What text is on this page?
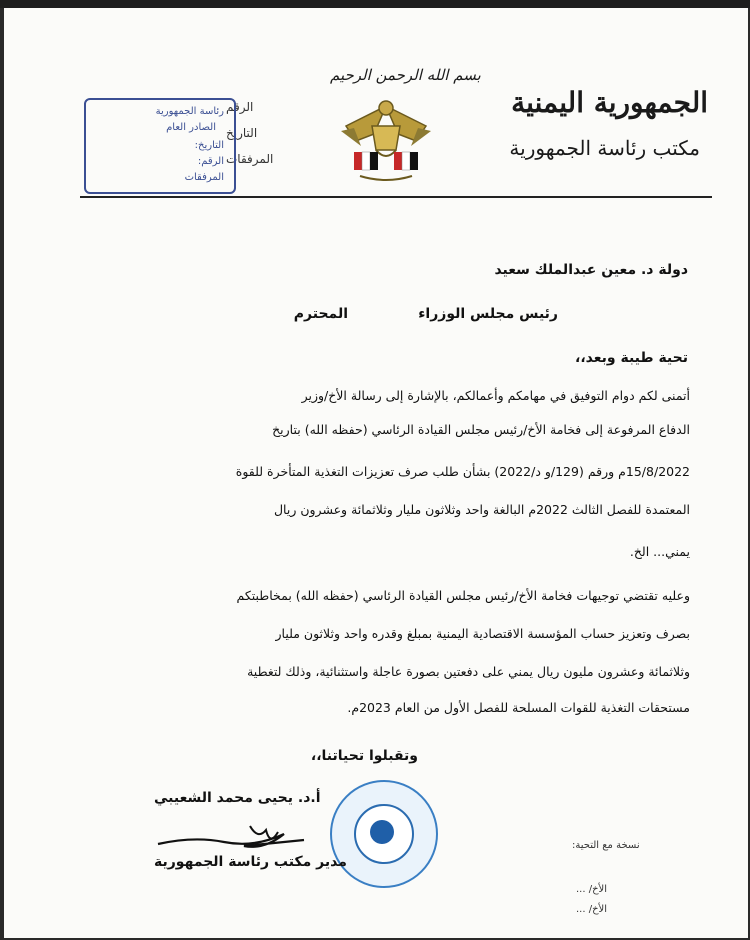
الجمهورية اليمنية
مكتب رئاسة الجمهورية
بسم الله الرحمن الرحيم
الرقم
التاريخ
المرفقات
رئاسة الجمهورية
الصادر العام
التاريخ:
الرقم:
المرفقات
دولة د. معين عبدالملك سعيد
رئيس مجلس الوزراء
المحترم
تحية طيبة وبعد،،
أتمنى لكم دوام التوفيق في مهامكم وأعمالكم، بالإشارة إلى رسالة الأخ/وزير
الدفاع المرفوعة إلى فخامة الأخ/رئيس مجلس القيادة الرئاسي (حفظه الله) بتاريخ
15/8/2022م ورقم (129/و د/2022) بشأن طلب صرف تعزيزات التغذية المتأخرة للقوة
المعتمدة للفصل الثالث 2022م البالغة واحد وثلاثون مليار وثلاثمائة وعشرون ريال
يمني... الخ.
وعليه تقتضي توجيهات فخامة الأخ/رئيس مجلس القيادة الرئاسي (حفظه الله) بمخاطبتكم
بصرف وتعزيز حساب المؤسسة الاقتصادية اليمنية بمبلغ وقدره واحد وثلاثون مليار
وثلاثمائة وعشرون مليون ريال يمني على دفعتين بصورة عاجلة واستثنائية، وذلك لتغطية
مستحقات التغذية للقوات المسلحة للفصل الأول من العام 2023م.
وتقبلوا تحياتنا،،
أ.د. يحيى محمد الشعيبي
مدير مكتب رئاسة الجمهورية
نسخة مع التحية:
الأخ/ ...
الأخ/ ...
